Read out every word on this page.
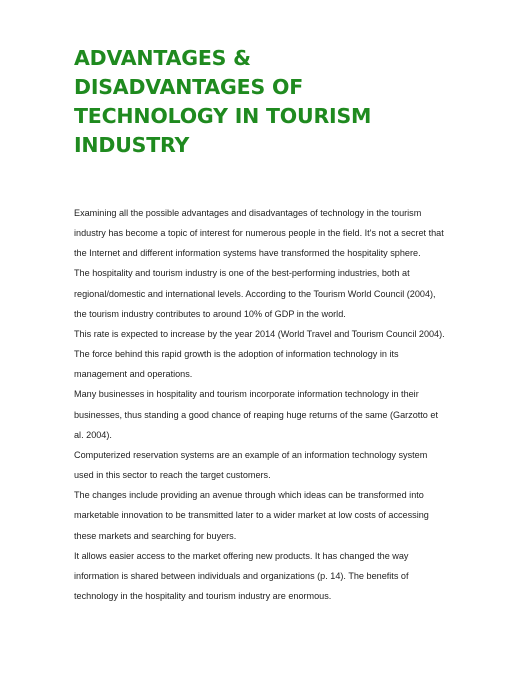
ADVANTAGES & DISADVANTAGES OF
TECHNOLOGY IN TOURISM INDUSTRY

Examining all the possible advantages and disadvantages of technology in the tourism industry has become a topic of interest for numerous people in the field. It's not a secret that the Internet and different information systems have transformed the hospitality sphere.

The hospitality and tourism industry is one of the best-performing industries, both at regional/domestic and international levels. According to the Tourism World Council (2004), the tourism industry contributes to around 10% of GDP in the world.

This rate is expected to increase by the year 2014 (World Travel and Tourism Council 2004). The force behind this rapid growth is the adoption of information technology in its management and operations.

Many businesses in hospitality and tourism incorporate information technology in their businesses, thus standing a good chance of reaping huge returns of the same (Garzotto et al. 2004).

Computerized reservation systems are an example of an information technology system used in this sector to reach the target customers.

The changes include providing an avenue through which ideas can be transformed into marketable innovation to be transmitted later to a wider market at low costs of accessing these markets and searching for buyers.

It allows easier access to the market offering new products. It has changed the way information is shared between individuals and organizations (p. 14). The benefits of technology in the hospitality and tourism industry are enormous.
